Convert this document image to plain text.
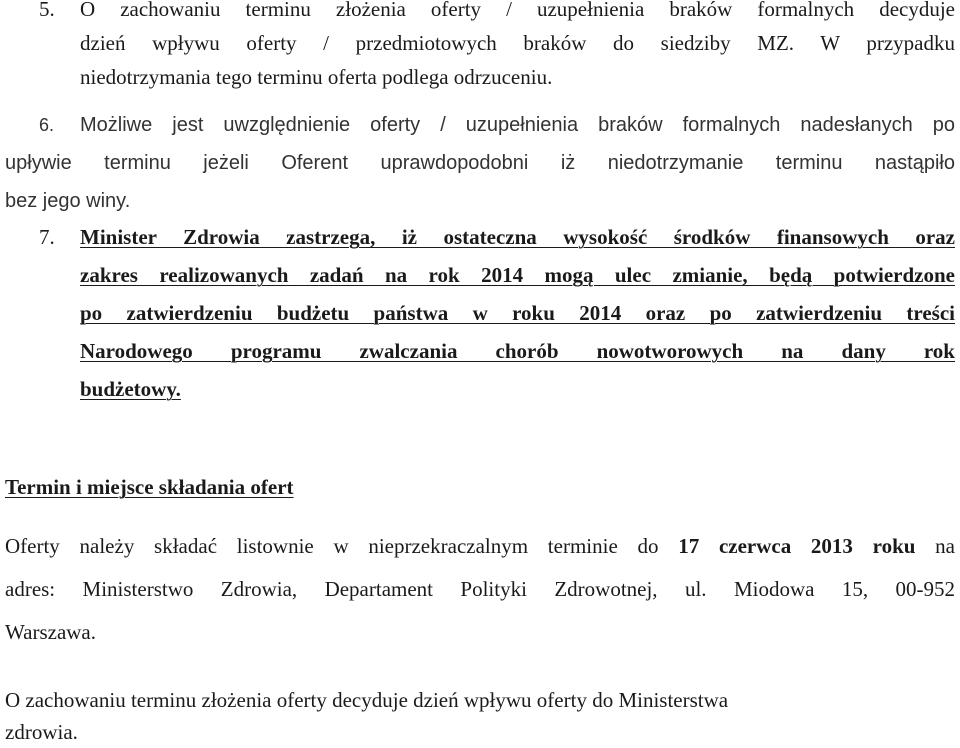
5. O zachowaniu terminu złożenia oferty / uzupełnienia braków formalnych decyduje
dzień wpływu oferty / przedmiotowych braków do siedziby MZ. W przypadku
niedotrzymania tego terminu oferta podlega odrzuceniu.
6. Możliwe jest uwzględnienie oferty / uzupełnienia braków formalnych nadesłanych po
upływie terminu jeżeli Oferent uprawdopodobni iż niedotrzymanie terminu nastąpiło
bez jego winy.
7. Minister Zdrowia zastrzega, iż ostateczna wysokość środków finansowych oraz
zakres realizowanych zadań na rok 2014 mogą ulec zmianie, będą potwierdzone
po zatwierdzeniu budżetu państwa w roku 2014 oraz po zatwierdzeniu treści
Narodowego programu zwalczania chorób nowotworowych na dany rok
budżetowy.
Termin i miejsce składania ofert
Oferty należy składać listownie w nieprzekraczalnym terminie do 17 czerwca 2013 roku na
adres: Ministerstwo Zdrowia, Departament Polityki Zdrowotnej, ul. Miodowa 15, 00-952
Warszawa.
O zachowaniu terminu złożenia oferty decyduje dzień wpływu oferty do Ministerstwa
zdrowia.
